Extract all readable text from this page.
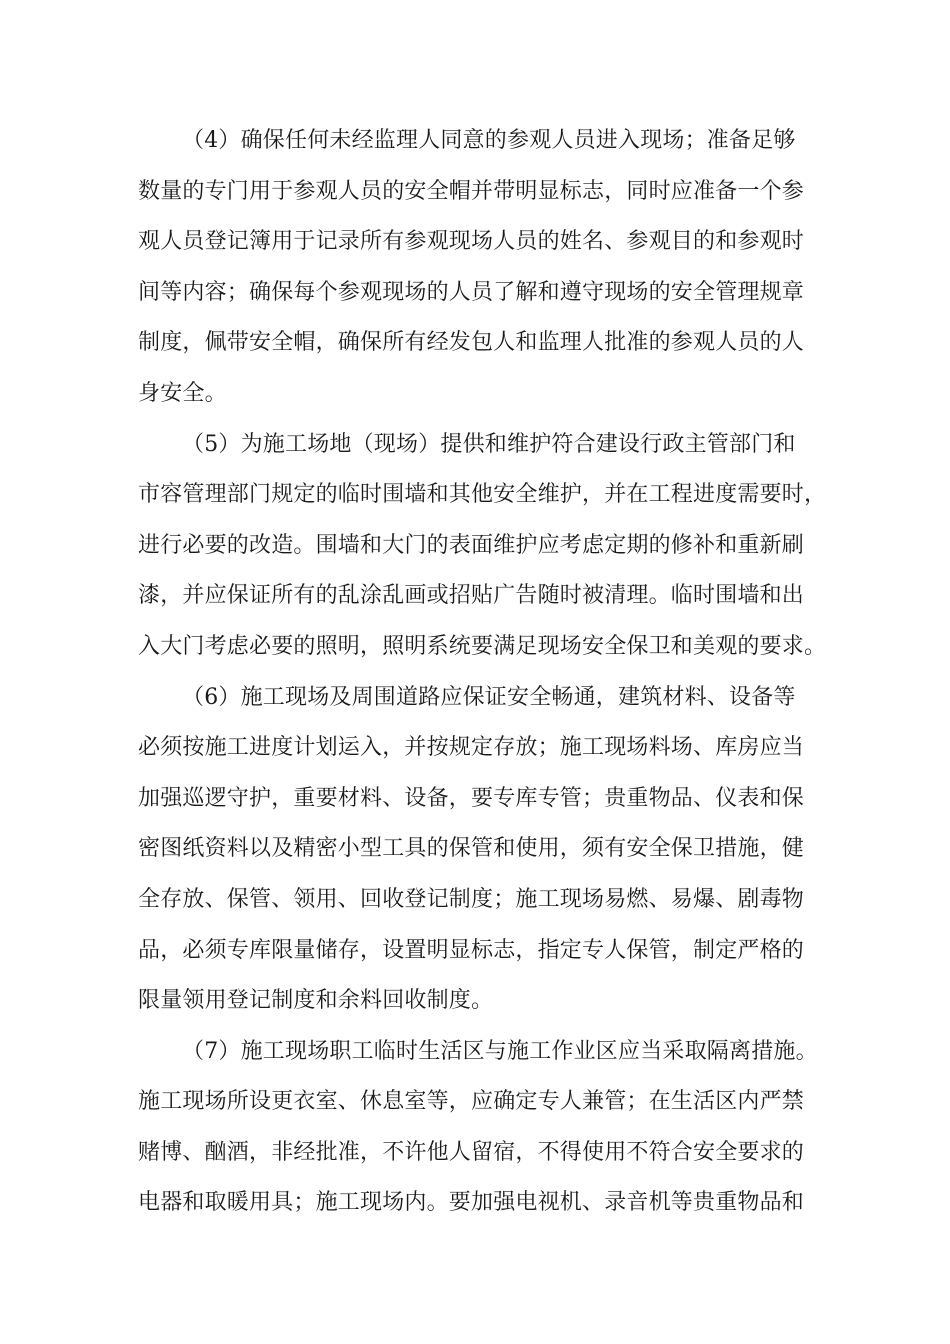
（4）确保任何未经监理人同意的参观人员进入现场；准备足够
数量的专门用于参观人员的安全帽并带明显标志，同时应准备一个参
观人员登记簿用于记录所有参观现场人员的姓名、参观目的和参观时
间等内容；确保每个参观现场的人员了解和遵守现场的安全管理规章
制度，佩带安全帽，确保所有经发包人和监理人批准的参观人员的人
身安全。
（5）为施工场地（现场）提供和维护符合建设行政主管部门和
市容管理部门规定的临时围墙和其他安全维护，并在工程进度需要时，
进行必要的改造。围墙和大门的表面维护应考虑定期的修补和重新刷
漆，并应保证所有的乱涂乱画或招贴广告随时被清理。临时围墙和出
入大门考虑必要的照明，照明系统要满足现场安全保卫和美观的要求。
（6）施工现场及周围道路应保证安全畅通，建筑材料、设备等
必须按施工进度计划运入，并按规定存放；施工现场料场、库房应当
加强巡逻守护，重要材料、设备，要专库专管；贵重物品、仪表和保
密图纸资料以及精密小型工具的保管和使用，须有安全保卫措施，健
全存放、保管、领用、回收登记制度；施工现场易燃、易爆、剧毒物
品，必须专库限量储存，设置明显标志，指定专人保管，制定严格的
限量领用登记制度和余料回收制度。
（7）施工现场职工临时生活区与施工作业区应当采取隔离措施。
施工现场所设更衣室、休息室等，应确定专人兼管；在生活区内严禁
赌博、酗酒，非经批准，不许他人留宿，不得使用不符合安全要求的
电器和取暖用具；施工现场内。要加强电视机、录音机等贵重物品和
